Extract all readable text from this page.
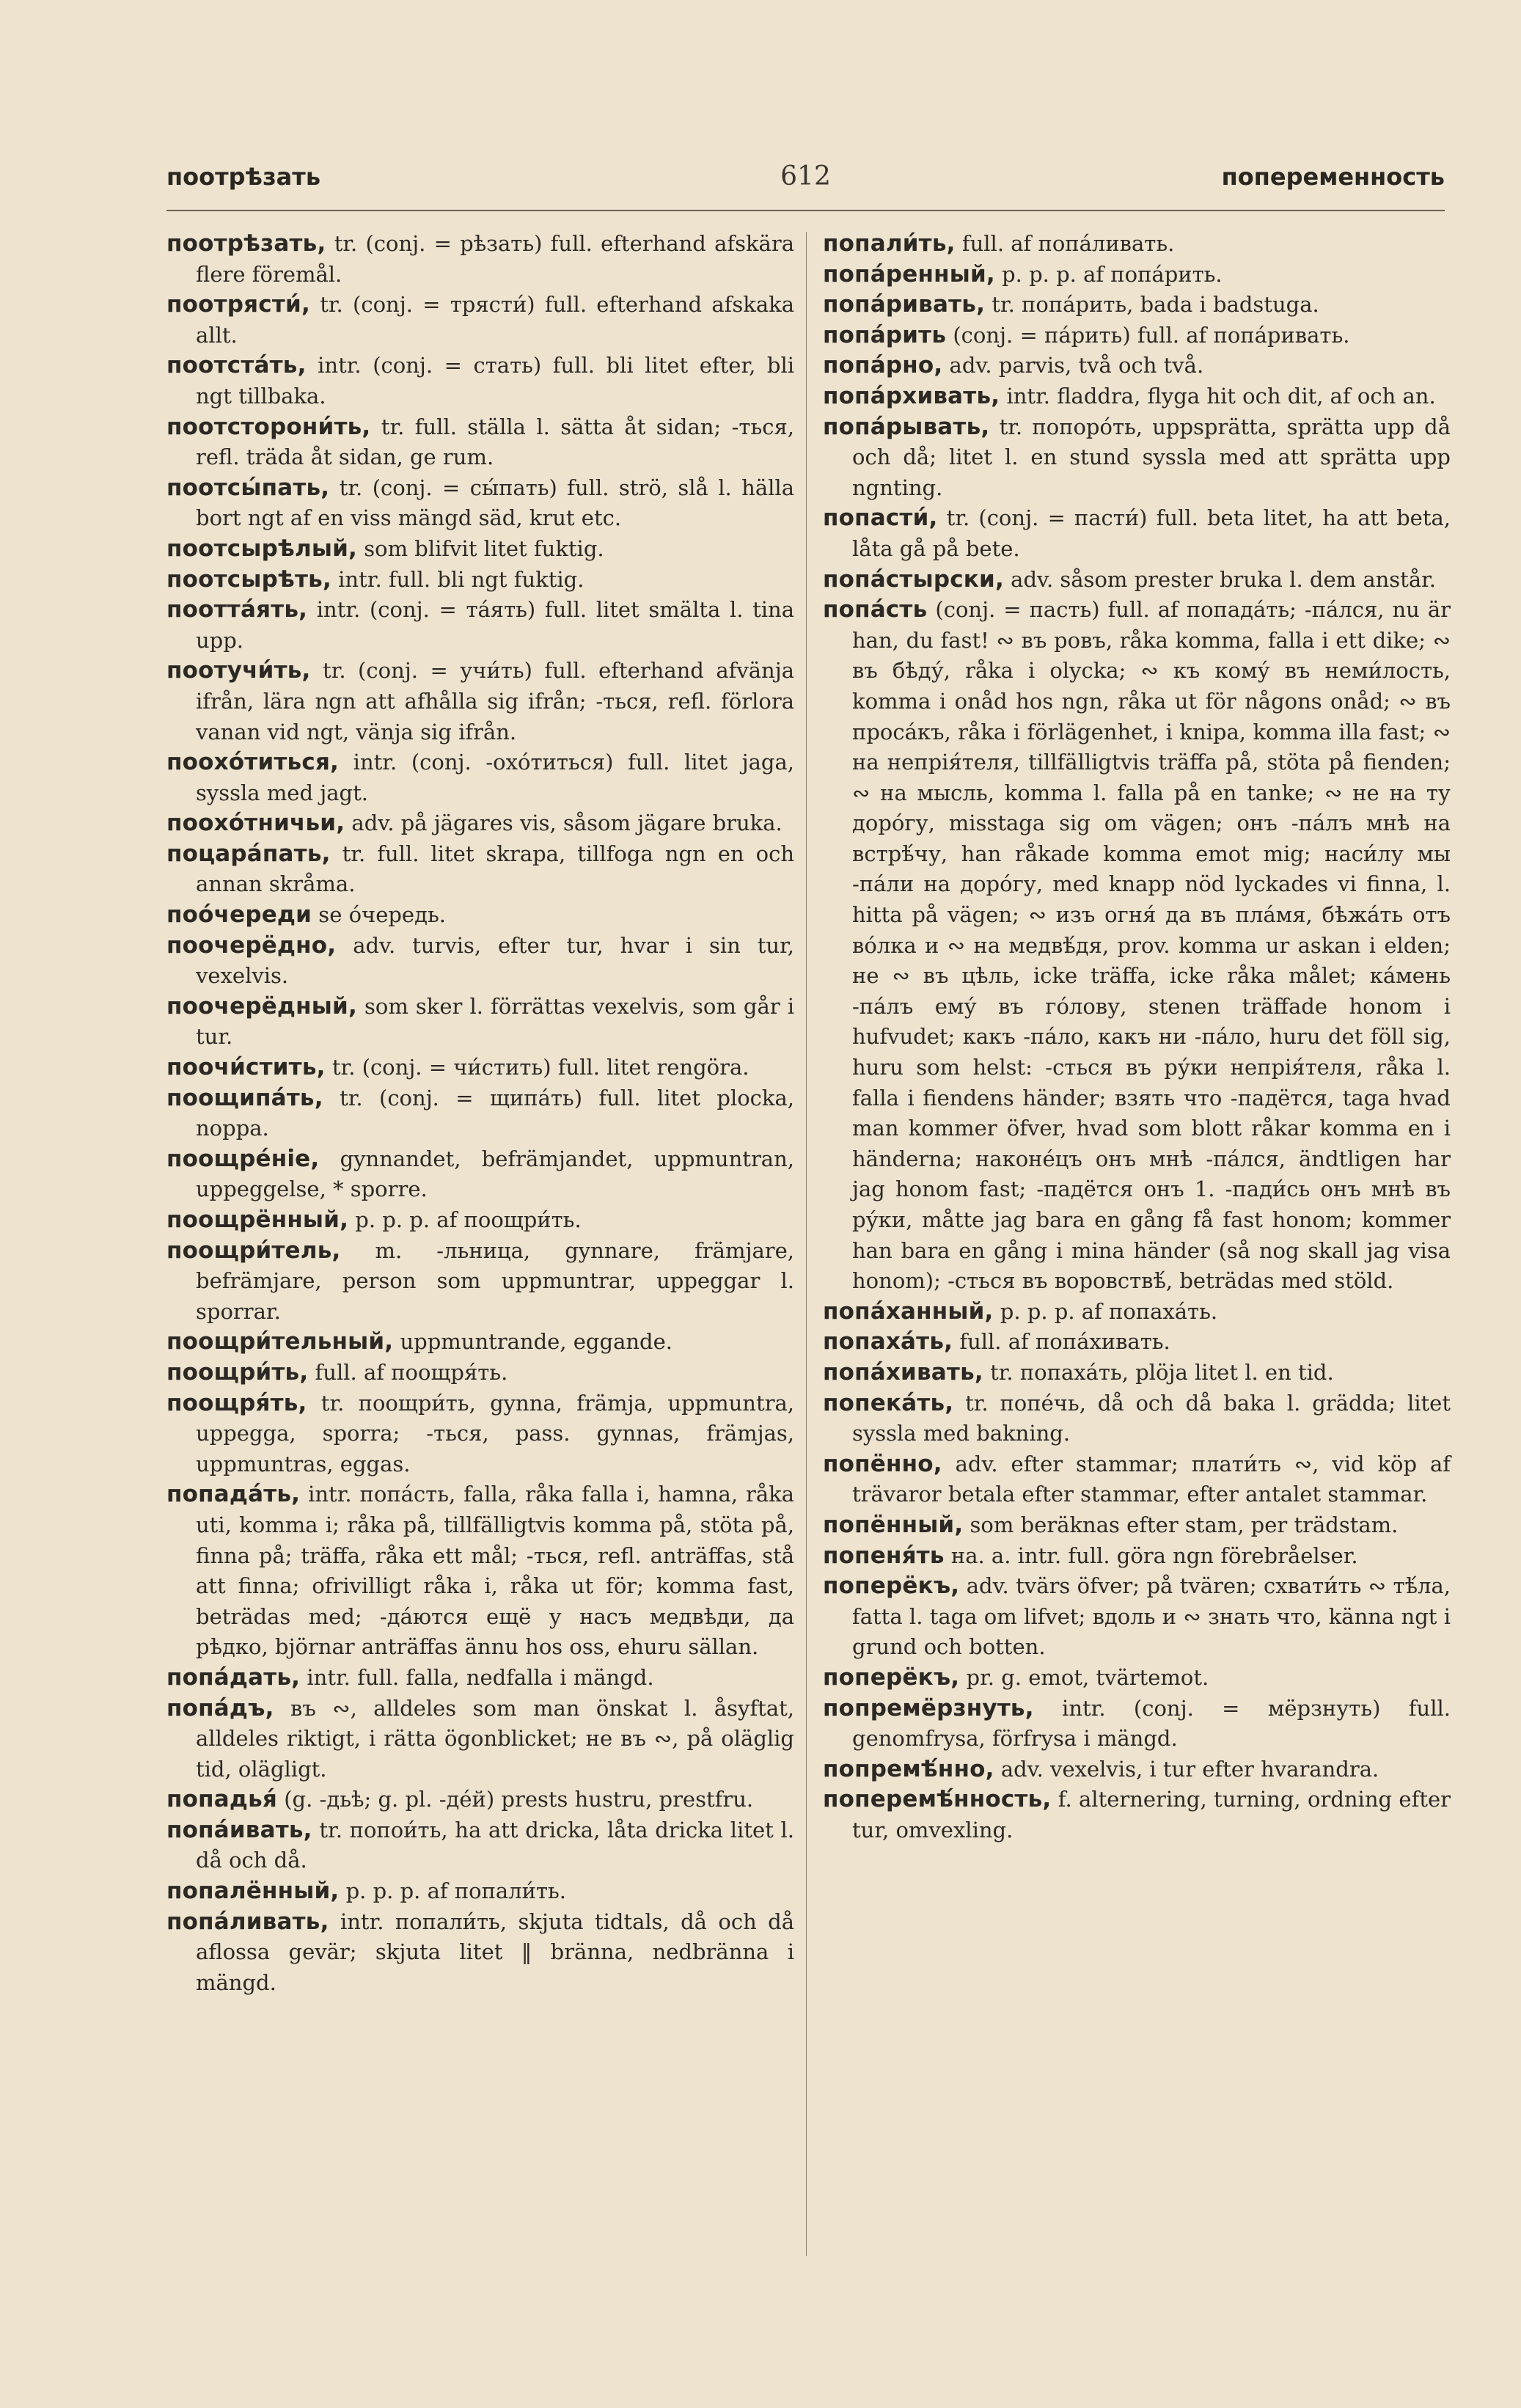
поотрѣзать	612	попеременность
поотрѣзать, tr. (conj. = рѣзать) full. efterhand afskära flere föremål.
поотрясти́, tr. (conj. = трясти́) full. efterhand afskaka allt.
поотста́ть, intr. (conj. = стать) full. bli litet efter, bli ngt tillbaka.
поотсторони́ть, tr. full. ställa l. sätta åt sidan; -ться, refl. träda åt sidan, ge rum.
поотсы́пать, tr. (conj. = сы́пать) full. strö, slå l. hälla bort ngt af en viss mängd säd, krut etc.
поотсырѣлый, som blifvit litet fuktig.
поотсырѣть, intr. full. bli ngt fuktig.
поотта́ять, intr. (conj. = та́ять) full. litet smälta l. tina upp.
поотучи́ть, tr. (conj. = учи́ть) full. efterhand afvänja ifrån, lära ngn att afhålla sig ifrån; -ться, refl. förlora vanan vid ngt, vänja sig ifrån.
поохо́титься, intr. (conj. -охо́титься) full. litet jaga, syssla med jagt.
поохо́тничьи, adv. på jägares vis, såsom jägare bruka.
поцара́пать, tr. full. litet skrapa, tillfoga ngn en och annan skråma.
поо́череди se о́чередь.
поочерёдно, adv. turvis, efter tur, hvar i sin tur, vexelvis.
поочерёдный, som sker l. förrättas vexelvis, som går i tur.
поочи́стить, tr. (conj. = чи́стить) full. litet rengöra.
поощипа́ть, tr. (conj. = щипа́ть) full. litet plocka, noppa.
поощре́ніе, gynnandet, befrämjandet, uppmuntran, uppeggelse, * sporre.
поощрённый, p. p. p. af поощри́ть.
поощри́тель, m. -льница, gynnare, främjare, befrämjare, person som uppmuntrar, uppeggar l. sporrar.
поощри́тельный, uppmuntrande, eggande.
поощри́ть, full. af поощря́ть.
поощря́ть, tr. поощри́ть, gynna, främja, uppmuntra, uppegga, sporra; -ться, pass. gynnas, främjas, uppmuntras, eggas.
попада́ть, intr. попа́сть, falla, råka falla i, hamna, råka uti, komma i; råka på, tillfälligtvis komma på, stöta på, finna på; träffa, råka ett mål; -ться, refl. anträffas, stå att finna; ofrivilligt råka i, råka ut för; komma fast, beträdas med; -да́ются ещё у насъ медвѣди, да рѣдко, björnar anträffas ännu hos oss, ehuru sällan.
попа́дать, intr. full. falla, nedfalla i mängd.
попа́дъ, въ ∾, alldeles som man önskat l. åsyftat, alldeles riktigt, i rätta ögonblicket; не въ ∾, på oläglig tid, olägligt.
попадья́ (g. -дьѣ; g. pl. -де́й) prests hustru, prestfru.
попа́ивать, tr. попои́ть, ha att dricka, låta dricka litet l. då och då.
попалённый, p. p. p. af попали́ть.
попа́ливать, intr. попали́ть, skjuta tidtals, då och då aflossa gevär; skjuta litet ‖ bränna, nedbränna i mängd.
попали́ть, full. af попа́ливать.
попа́ренный, p. p. p. af попа́рить.
попа́ривать, tr. попа́рить, bada i badstuga.
попа́рить (conj. = па́рить) full. af попа́ривать.
попа́рно, adv. parvis, två och två.
попа́рхивать, intr. fladdra, flyga hit och dit, af och an.
попа́рывать, tr. попоро́ть, uppsprätta, sprätta upp då och då; litet l. en stund syssla med att sprätta upp ngnting.
попасти́, tr. (conj. = пасти́) full. beta litet, ha att beta, låta gå på bete.
попа́стырски, adv. såsom prester bruka l. dem anstår.
попа́сть (conj. = пасть) full. af попада́ть; -па́лся, nu är han, du fast! ∾ въ ровъ, råka komma, falla i ett dike; ∾ въ бѣду́, råka i olycka; ∾ къ кому́ въ неми́лость, komma i onåd hos ngn, råka ut för någons onåd; ∾ въ проса́къ, råka i förlägenhet, i knipa, komma illa fast; ∾ на непрія́теля, tillfälligtvis träffa på, stöta på fienden; ∾ на мысль, komma l. falla på en tanke; ∾ не на ту доро́гу, misstaga sig om vägen; онъ -па́лъ мнѣ на встрѣ́чу, han råkade komma emot mig; наси́лу мы -па́ли на доро́гу, med knapp nöd lyckades vi finna, l. hitta på vägen; ∾ изъ огня́ да въ пла́мя, бѣжа́ть отъ во́лка и ∾ на медвѣ́дя, prov. komma ur askan i elden; не ∾ въ цѣль, icke träffa, icke råka målet; ка́мень -па́лъ ему́ въ го́лову, stenen träffade honom i hufvudet; какъ -па́ло, какъ ни -па́ло, huru det föll sig, huru som helst: -сться въ ру́ки непрія́теля, råka l. falla i fiendens händer; взять что -падётся, taga hvad man kommer öfver, hvad som blott råkar komma en i händerna; наконе́цъ онъ мнѣ -па́лся, ändtligen har jag honom fast; -падётся онъ 1. -пади́сь онъ мнѣ въ ру́ки, måtte jag bara en gång få fast honom; kommer han bara en gång i mina händer (så nog skall jag visa honom); -сться въ воровствѣ́, beträdas med stöld.
попа́ханный, p. p. p. af попаха́ть.
попаха́ть, full. af попа́хивать.
попа́хивать, tr. попаха́ть, plöja litet l. en tid.
попека́ть, tr. попе́чь, då och då baka l. grädda; litet syssla med bakning.
попённо, adv. efter stammar; плати́ть ∾, vid köp af trävaror betala efter stammar, efter antalet stammar.
попённый, som beräknas efter stam, per trädstam.
попеня́ть на. a. intr. full. göra ngn förebråelser.
поперёкъ, adv. tvärs öfver; på tvären; схвати́ть ∾ тѣ́ла, fatta l. taga om lifvet; вдоль и ∾ знать что, känna ngt i grund och botten.
поперёкъ, pr. g. emot, tvärtemot.
попремёрзнуть, intr. (conj. = мёрзнуть) full. genomfrysa, förfrysa i mängd.
попремѣ́нно, adv. vexelvis, i tur efter hvarandra.
поперемѣ́нность, f. alternering, turning, ordning efter tur, omvexling.
